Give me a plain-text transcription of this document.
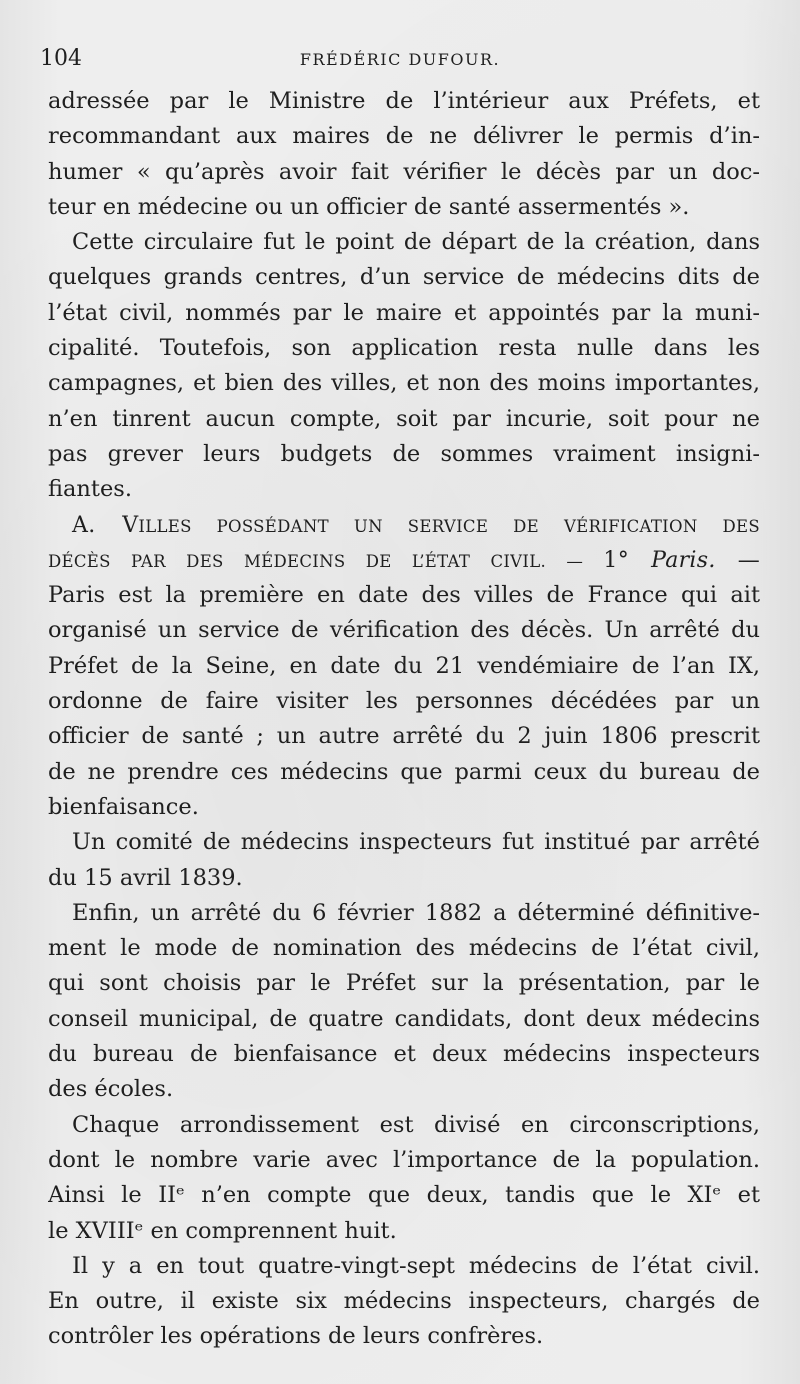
104	FRÉDÉRIC DUFOUR.
adressée par le Ministre de l’intérieur aux Préfets, et
recommandant aux maires de ne délivrer le permis d’in-
humer « qu’après avoir fait vérifier le décès par un doc-
teur en médecine ou un officier de santé assermentés ».
Cette circulaire fut le point de départ de la création, dans
quelques grands centres, d’un service de médecins dits de
l’état civil, nommés par le maire et appointés par la muni-
cipalité. Toutefois, son application resta nulle dans les
campagnes, et bien des villes, et non des moins importantes,
n’en tinrent aucun compte, soit par incurie, soit pour ne
pas grever leurs budgets de sommes vraiment insigni-
fiantes.
A. VILLES POSSÉDANT UN SERVICE DE VÉRIFICATION DES
DÉCÈS PAR DES MÉDECINS DE L’ÉTAT CIVIL. — 1° Paris. —
Paris est la première en date des villes de France qui ait
organisé un service de vérification des décès. Un arrêté du
Préfet de la Seine, en date du 21 vendémiaire de l’an IX,
ordonne de faire visiter les personnes décédées par un
officier de santé ; un autre arrêté du 2 juin 1806 prescrit
de ne prendre ces médecins que parmi ceux du bureau de
bienfaisance.
Un comité de médecins inspecteurs fut institué par arrêté
du 15 avril 1839.
Enfin, un arrêté du 6 février 1882 a déterminé définitive-
ment le mode de nomination des médecins de l’état civil,
qui sont choisis par le Préfet sur la présentation, par le
conseil municipal, de quatre candidats, dont deux médecins
du bureau de bienfaisance et deux médecins inspecteurs
des écoles.
Chaque arrondissement est divisé en circonscriptions,
dont le nombre varie avec l’importance de la population.
Ainsi le IIᵉ n’en compte que deux, tandis que le XIᵉ et
le XVIIIᵉ en comprennent huit.
Il y a en tout quatre-vingt-sept médecins de l’état civil.
En outre, il existe six médecins inspecteurs, chargés de
contrôler les opérations de leurs confrères.
